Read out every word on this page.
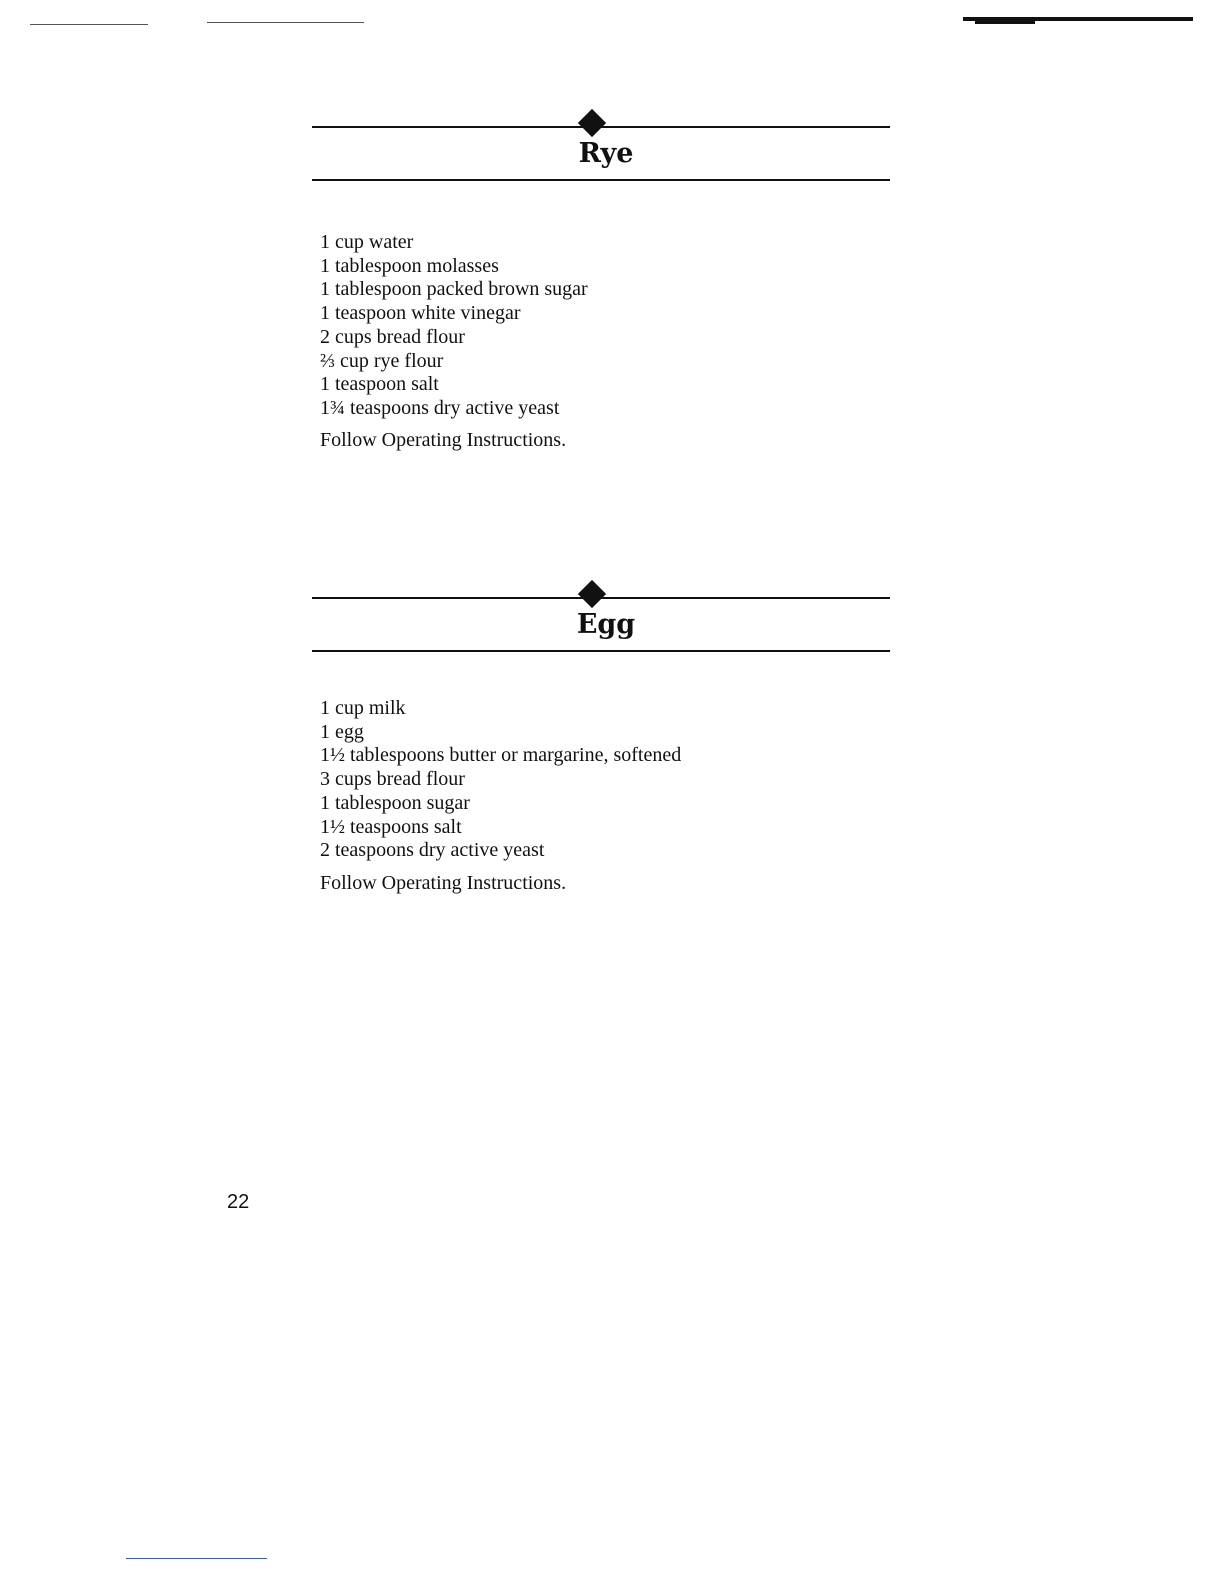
Rye
1 cup water
1 tablespoon molasses
1 tablespoon packed brown sugar
1 teaspoon white vinegar
2 cups bread flour
⅔ cup rye flour
1 teaspoon salt
1¾ teaspoons dry active yeast

Follow Operating Instructions.

Egg
1 cup milk
1 egg
1½ tablespoons butter or margarine, softened
3 cups bread flour
1 tablespoon sugar
1½ teaspoons salt
2 teaspoons dry active yeast

Follow Operating Instructions.

22
